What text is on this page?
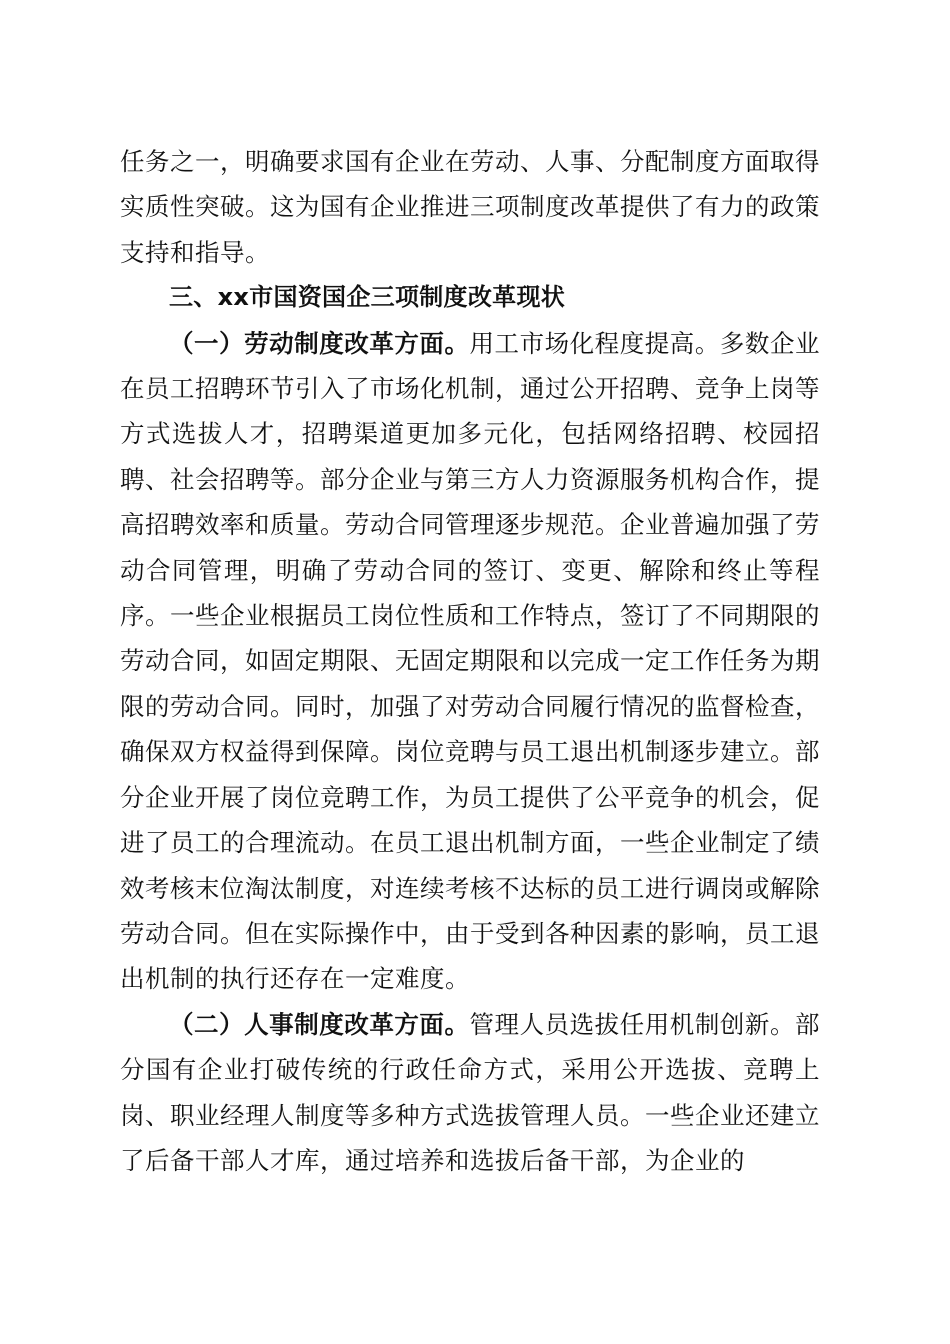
任务之一，明确要求国有企业在劳动、人事、分配制度方面取得实质性突破。这为国有企业推进三项制度改革提供了有力的政策支持和指导。

三、xx市国资国企三项制度改革现状

（一）劳动制度改革方面。用工市场化程度提高。多数企业在员工招聘环节引入了市场化机制，通过公开招聘、竞争上岗等方式选拔人才，招聘渠道更加多元化，包括网络招聘、校园招聘、社会招聘等。部分企业与第三方人力资源服务机构合作，提高招聘效率和质量。劳动合同管理逐步规范。企业普遍加强了劳动合同管理，明确了劳动合同的签订、变更、解除和终止等程序。一些企业根据员工岗位性质和工作特点，签订了不同期限的劳动合同，如固定期限、无固定期限和以完成一定工作任务为期限的劳动合同。同时，加强了对劳动合同履行情况的监督检查，确保双方权益得到保障。岗位竞聘与员工退出机制逐步建立。部分企业开展了岗位竞聘工作，为员工提供了公平竞争的机会，促进了员工的合理流动。在员工退出机制方面，一些企业制定了绩效考核末位淘汰制度，对连续考核不达标的员工进行调岗或解除劳动合同。但在实际操作中，由于受到各种因素的影响，员工退出机制的执行还存在一定难度。

（二）人事制度改革方面。管理人员选拔任用机制创新。部分国有企业打破传统的行政任命方式，采用公开选拔、竞聘上岗、职业经理人制度等多种方式选拔管理人员。一些企业还建立了后备干部人才库，通过培养和选拔后备干部，为企业的
